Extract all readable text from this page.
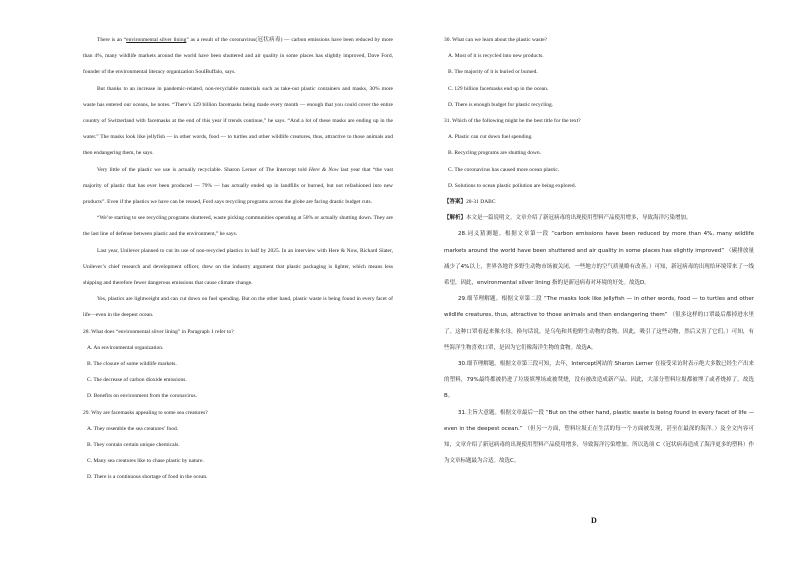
There is an “environmental silver lining” as a result of the coronavirus(冠状病毒) — carbon emissions have been reduced by more than 4%, many wildlife markets around the world have been shuttered and air quality in some places has slightly improved, Dave Ford, founder of the environmental literacy organization SoulBuffalo, says.

But thanks to an increase in pandemic-related, non-recyclable materials such as take-out plastic containers and masks, 30% more waste has entered our oceans, he notes. “There’s 129 billion facemasks being made every month — enough that you could cover the entire country of Switzerland with facemasks at the end of this year if trends continue,” he says. “And a lot of these masks are ending up in the water.” The masks look like jellyfish — in other words, food — to turtles and other wildlife creatures, thus, attractive to those animals and then endangering them, he says.

Very little of the plastic we use is actually recyclable. Sharon Lerner of The Intercept told Here & Now last year that “the vast majority of plastic that has ever been produced — 79% — has actually ended up in landfills or burned, but not refashioned into new products”. Even if the plastics we have can be reused, Ford says recycling programs across the globe are facing drastic budget cuts.

“We’re starting to see recycling programs shuttered, waste picking communities operating at 50% or actually shutting down. They are the last line of defense between plastic and the environment,” he says.

Last year, Unilever planned to cut its use of non-recycled plastics in half by 2025. In an interview with Here & Now, Richard Slater, Unilever’s chief research and development officer, drew on the industry argument that plastic packaging is lighter, which means less shipping and therefore fewer dangerous emissions that cause climate change.

Yes, plastics are lightweight and can cut down on fuel spending. But on the other hand, plastic waste is being found in every facet of life—even in the deepest ocean.

28. What does “environmental silver lining” in Paragraph 1 refer to?

A. An environmental organization.

B. The closure of some wildlife markets.

C. The decrease of carbon dioxide emissions.

D. Benefits on environment from the coronavirus.

29. Why are facemasks appealing to some sea creatures?

A. They resemble the sea creatures’ food.

B. They contain certain unique chemicals.

C. Many sea creatures like to chase plastic by nature.

D. There is a continuous shortage of food in the ocean.

30. What can we learn about the plastic waste?

A. Most of it is recycled into new products.

B. The majority of it is buried or burned.

C. 129 billion facemasks end up in the ocean.

D. There is enough budget for plastic recycling.

31. Which of the following might be the best title for the text?

A. Plastic can cut down fuel spending.

B. Recycling programs are shutting down.

C. The coronavirus has caused more ocean plastic.

D. Solutions to ocean plastic pollution are being explored.

【答案】28-31 DABC

【解析】本文是一篇说明文。文章介绍了新冠病毒的出现使用塑料产品使用增多，导致海洋污染增加。

28.词义猜测题。根据文章第一段 “carbon emissions have been reduced by more than 4%, many wildlife markets around the world have been shuttered and air quality in some places has slightly improved” （碳排放量减少了4%以上，世界各地许多野生动物市场被关闭，一些地方的空气质量略有改善。）可知，新冠病毒的出现给环境带来了一线希望，因此，environmental silver lining 指的是新冠病毒对环境的好处。故选D。

29.细节理解题。根据文章第二段 “The masks look like jellyfish — in other words, food — to turtles and other wildlife creatures, thus, attractive to those animals and then endangering them” （很多这样的口罩最后都掉进水里了。这种口罩看起来像水母，换句话说，是乌龟和其他野生动物的食物。因此，吸引了这些动物，然后又害了它们。）可知，有些海洋生物喜欢口罩，是因为它们像海洋生物的食物。故选A。

30.细节理解题。根据文章第三段可知，去年，Intercept网站的 Sharon Lerner 在接受采访时表示绝大多数已经生产出来的塑料，79%最终都被扔进了垃圾填埋场或被焚烧，没有被改造成新产品。因此，大部分塑料垃圾都被埋了或者烧掉了。故选B。

31.主旨大意题。根据文章最后一段 “But on the other hand, plastic waste is being found in every facet of life — even in the deepest ocean.” （但另一方面，塑料垃圾正在生活的每一个方面被发现，甚至在最深的海洋。）及全文内容可知，文章介绍了新冠病毒的出现使用塑料产品使用增多，导致海洋污染增加。所以选项 C（冠状病毒造成了海洋更多的塑料）作为文章标题最为合适。故选C。

D
